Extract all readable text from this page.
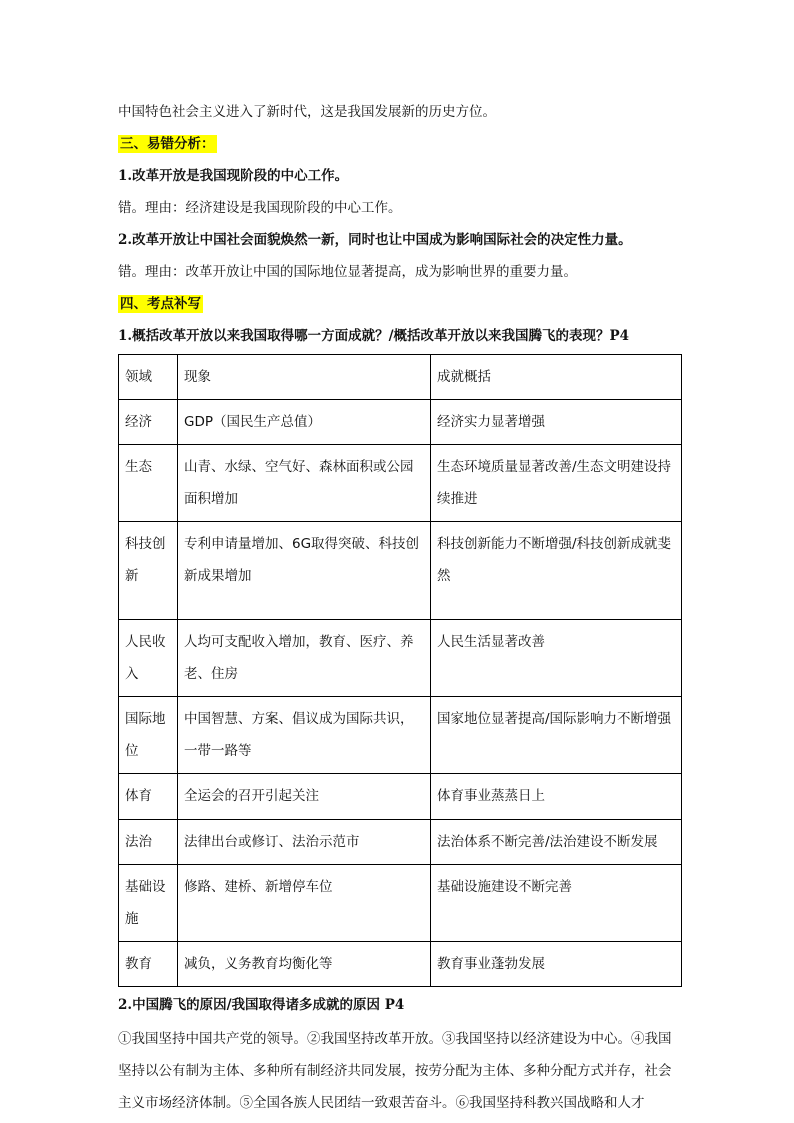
中国特色社会主义进入了新时代，这是我国发展新的历史方位。

三、易错分析：

1.改革开放是我国现阶段的中心工作。

错。理由：经济建设是我国现阶段的中心工作。

2.改革开放让中国社会面貌焕然一新，同时也让中国成为影响国际社会的决定性力量。

错。理由：改革开放让中国的国际地位显著提高，成为影响世界的重要力量。

四、考点补写

1.概括改革开放以来我国取得哪一方面成就？/概括改革开放以来我国腾飞的表现？P4

领域	现象	成就概括
经济	GDP（国民生产总值）	经济实力显著增强
生态	山青、水绿、空气好、森林面积或公园面积增加	生态环境质量显著改善/生态文明建设持续推进
科技创新	专利申请量增加、6G取得突破、科技创新成果增加	科技创新能力不断增强/科技创新成就斐然
人民收入	人均可支配收入增加，教育、医疗、养老、住房	人民生活显著改善
国际地位	中国智慧、方案、倡议成为国际共识，一带一路等	国家地位显著提高/国际影响力不断增强
体育	全运会的召开引起关注	体育事业蒸蒸日上
法治	法律出台或修订、法治示范市	法治体系不断完善/法治建设不断发展
基础设施	修路、建桥、新增停车位	基础设施建设不断完善
教育	减负，义务教育均衡化等	教育事业蓬勃发展

2.中国腾飞的原因/我国取得诸多成就的原因 P4

①我国坚持中国共产党的领导。②我国坚持改革开放。③我国坚持以经济建设为中心。④我国坚持以公有制为主体、多种所有制经济共同发展，按劳分配为主体、多种分配方式并存，社会主义市场经济体制。⑤全国各族人民团结一致艰苦奋斗。⑥我国坚持科教兴国战略和人才
